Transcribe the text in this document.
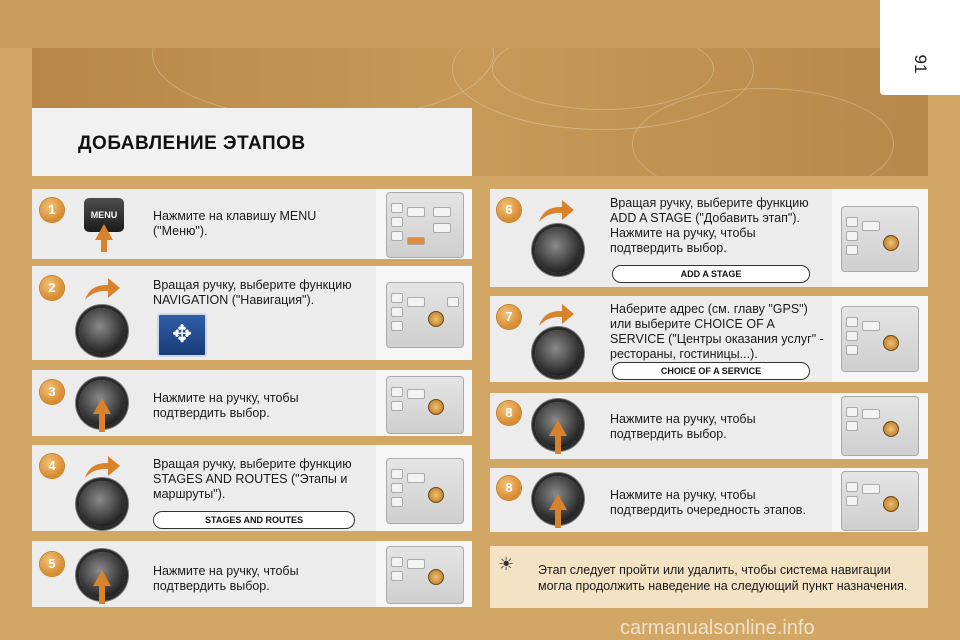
91
ДОБАВЛЕНИЕ ЭТАПОВ
1	MENU	Нажмите на клавишу MENU ("Меню").
2
✥
Вращая ручку, выберите функцию NAVIGATION ("Навигация").
3	Нажмите на ручку, чтобы подтвердить выбор.
4	Вращая ручку, выберите функцию STAGES AND ROUTES ("Этапы и маршруты").
STAGES AND ROUTES
5	Нажмите на ручку, чтобы подтвердить выбор.
6	Вращая ручку, выберите функцию ADD A STAGE ("Добавить этап"). Нажмите на ручку, чтобы подтвердить выбор.
ADD A STAGE
7	Наберите адрес (см. главу "GPS") или выберите CHOICE OF A SERVICE ("Центры оказания услуг" - рестораны, гостиницы...).
CHOICE OF A SERVICE
8	Нажмите на ручку, чтобы подтвердить выбор.
8	Нажмите на ручку, чтобы подтвердить очередность этапов.
☀ Этап следует пройти или удалить, чтобы система навигации могла продолжить наведение на следующий пункт назначения.
carmanualsonline.info
